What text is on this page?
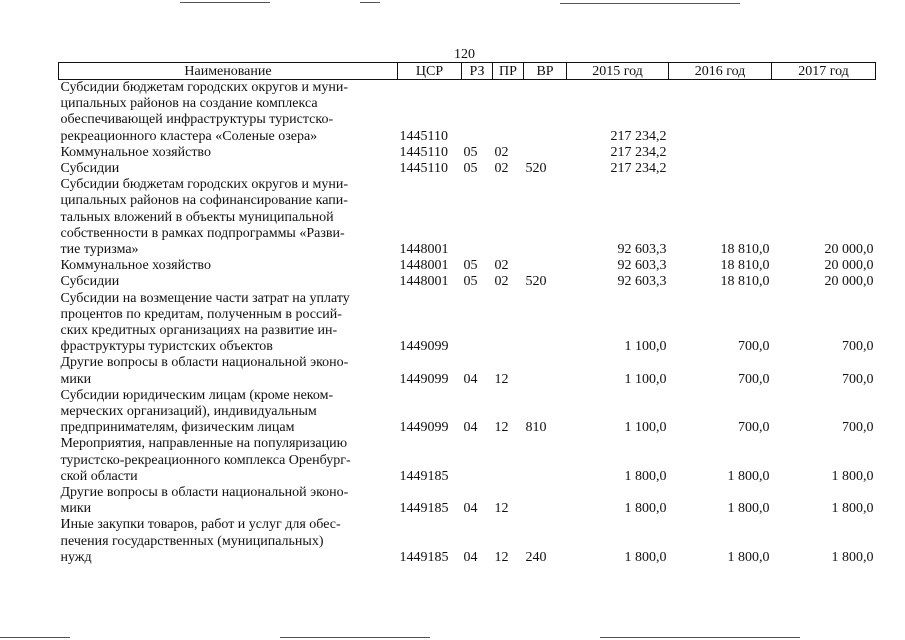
120
Наименование	ЦСР	РЗ	ПР	ВР	2015 год	2016 год	2017 год
Субсидии бюджетам городских округов и муни-
ципальных районов на создание комплекса
обеспечивающей инфраструктуры туристско-
рекреационного кластера «Соленые озера»	1445110				217 234,2		
Коммунальное хозяйство	1445110	05	02		217 234,2		
Субсидии	1445110	05	02	520	217 234,2		
Субсидии бюджетам городских округов и муни-
ципальных районов на софинансирование капи-
тальных вложений в объекты муниципальной
собственности в рамках подпрограммы «Разви-
тие туризма»	1448001				92 603,3	18 810,0	20 000,0
Коммунальное хозяйство	1448001	05	02		92 603,3	18 810,0	20 000,0
Субсидии	1448001	05	02	520	92 603,3	18 810,0	20 000,0
Субсидии на возмещение части затрат на уплату
процентов по кредитам, полученным в россий-
ских кредитных организациях на развитие ин-
фраструктуры туристских объектов	1449099				1 100,0	700,0	700,0
Другие вопросы в области национальной эконо-
мики	1449099	04	12		1 100,0	700,0	700,0
Субсидии юридическим лицам (кроме неком-
мерческих организаций), индивидуальным
предпринимателям, физическим лицам	1449099	04	12	810	1 100,0	700,0	700,0
Мероприятия, направленные на популяризацию
туристско-рекреационного комплекса Оренбург-
ской области	1449185				1 800,0	1 800,0	1 800,0
Другие вопросы в области национальной эконо-
мики	1449185	04	12		1 800,0	1 800,0	1 800,0
Иные закупки товаров, работ и услуг для обес-
печения государственных (муниципальных)
нужд	1449185	04	12	240	1 800,0	1 800,0	1 800,0
